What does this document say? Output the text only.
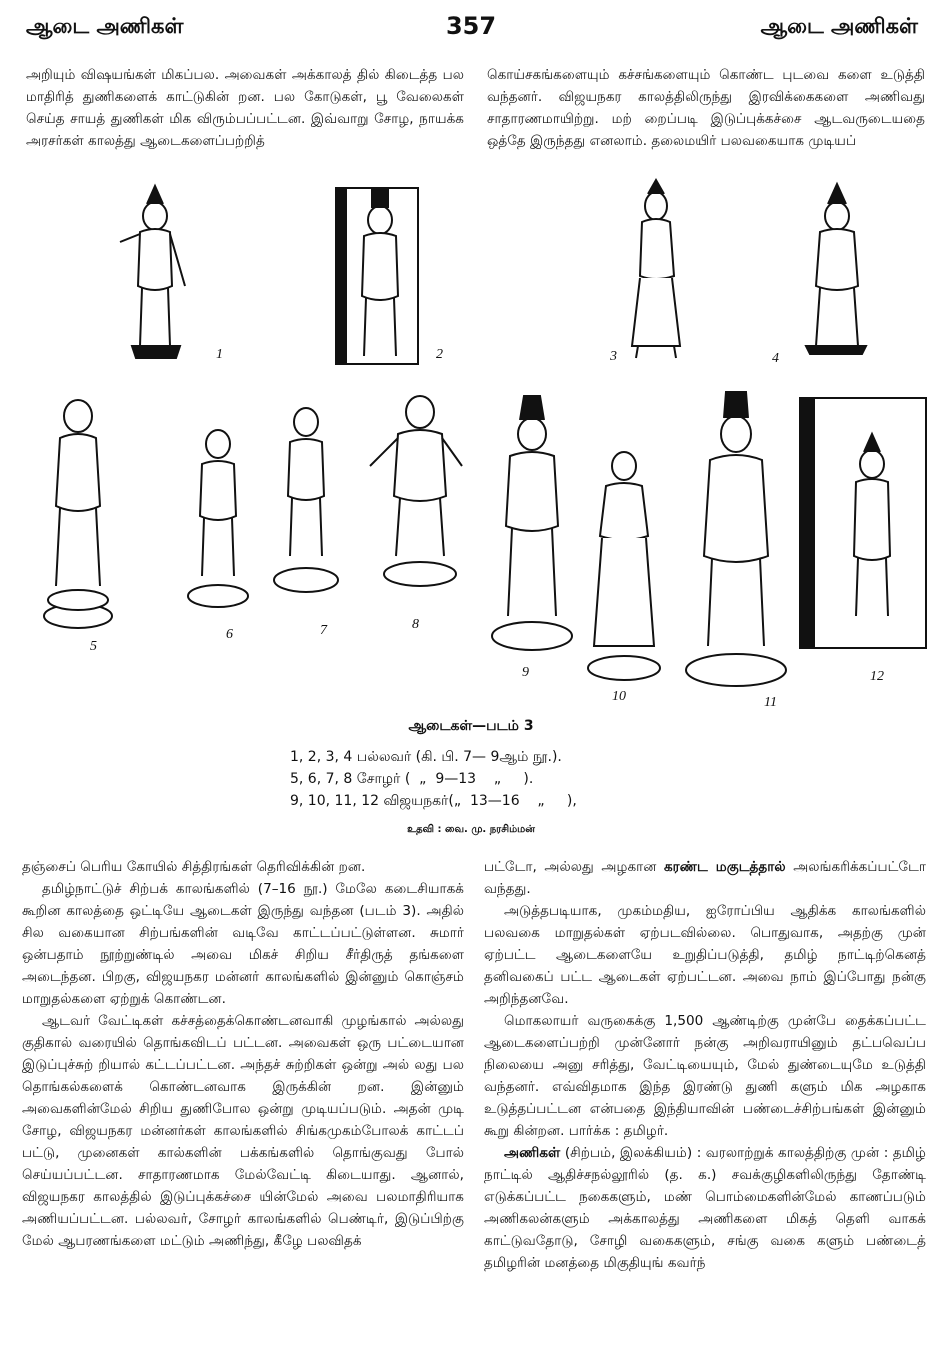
ஆடை அணிகள்	357	ஆடை அணிகள்

அறியும் விஷயங்கள் மிகப்பல. அவைகள் அக்காலத் தில் கிடைத்த பல மாதிரித் துணிகளைக் காட்டுகின் றன. பல கோடுகள், பூ வேலைகள் செய்த சாயத் துணிகள் மிக விரும்பப்பட்டன. இவ்வாறு சோழ, நாயக்க அரசர்கள் காலத்து ஆடைகளைப்பற்றித்

கொய்சகங்களையும் கச்சங்களையும் கொண்ட புடவை களை உடுத்தி வந்தனர். விஜயநகர காலத்திலிருந்து இரவிக்கைகளை அணிவது சாதாரணமாயிற்று. மற் றைப்படி இடுப்புக்கச்சை ஆடவருடையதை ஒத்தே இருந்தது எனலாம். தலைமயிர் பலவகையாக முடியப்

1	2	3	4
5
6	7	8
9
10	11
12
ஆடைகள்—படம் 3
1, 2, 3, 4 பல்லவர் (கி. பி. 7— 9ஆம் நூ.).
5, 6, 7, 8 சோழர் (  „  9—13    „     ).
9, 10, 11, 12 விஜயநகர்(„  13—16    „     ),
உதவி : வை. மு. நரசிம்மன்

தஞ்சைப் பெரிய கோயில் சித்திரங்கள் தெரிவிக்கின் றன.

தமிழ்நாட்டுச் சிற்பக் காலங்களில் (7–16 நூ.) மேலே கடைசியாகக் கூறின காலத்தை ஒட்டியே ஆடைகள் இருந்து வந்தன (படம் 3). அதில் சில வகையான சிற்பங்களின் வடிவே காட்டப்பட்டுள்ளன. சுமார் ஒன்பதாம் நூற்றுண்டில் அவை மிகச் சிறிய சீர்திருத் தங்களை அடைந்தன. பிறகு, விஜயநகர மன்னர் காலங்களில் இன்னும் கொஞ்சம் மாறுதல்களை ஏற்றுக் கொண்டன.

ஆடவர் வேட்டிகள் கச்சத்தைக்கொண்டனவாகி முழங்கால் அல்லது குதிகால் வரையில் தொங்கவிடப் பட்டன. அவைகள் ஒரு பட்டையான இடுப்புச்சுற் றியால் கட்டப்பட்டன. அந்தச் சுற்றிகள் ஒன்று அல் லது பல தொங்கல்களைக் கொண்டனவாக இருக்கின் றன. இன்னும் அவைகளின்மேல் சிறிய துணிபோல ஒன்று முடியப்படும். அதன் முடி சோழ, விஜயநகர மன்னர்கள் காலங்களில் சிங்கமுகம்போலக் காட்டப் பட்டு, முனைகள் கால்களின் பக்கங்களில் தொங்குவது போல் செய்யப்பட்டன. சாதாரணமாக மேல்வேட்டி கிடையாது. ஆனால், விஜயநகர காலத்தில் இடுப்புக்கச்சை யின்மேல் அவை பலமாதிரியாக அணியப்பட்டன. பல்லவர், சோழர் காலங்களில் பெண்டிர், இடுப்பிற்கு மேல் ஆபரணங்களை மட்டும் அணிந்து, கீழே பலவிதக்

பட்டோ, அல்லது அழகான கரண்ட மகுடத்தால் அலங்கரிக்கப்பட்டோ வந்தது.

அடுத்தபடியாக, முகம்மதிய, ஐரோப்பிய ஆதிக்க காலங்களில் பலவகை மாறுதல்கள் ஏற்படவில்லை. பொதுவாக, அதற்கு முன் ஏற்பட்ட ஆடைகளையே உறுதிப்படுத்தி, தமிழ் நாட்டிற்கெனத் தனிவகைப் பட்ட ஆடைகள் ஏற்பட்டன. அவை நாம் இப்போது நன்கு அறிந்தனவே.

மொகலாயர் வருகைக்கு 1,500 ஆண்டிற்கு முன்பே தைக்கப்பட்ட ஆடைகளைப்பற்றி முன்னோர் நன்கு அறிவராயினும் தட்பவெப்ப நிலையை அனு சரித்து, வேட்டியையும், மேல் துண்டையுமே உடுத்தி வந்தனர். எவ்விதமாக இந்த இரண்டு துணி களும் மிக அழகாக உடுத்தப்பட்டன என்பதை இந்தியாவின் பண்டைச்சிற்பங்கள் இன்னும் கூறு கின்றன. பார்க்க : தமிழர்.

அணிகள் (சிற்பம், இலக்கியம்) : வரலாற்றுக் காலத்திற்கு முன் : தமிழ் நாட்டில் ஆதிச்சநல்லூரில் (த. க.) சவக்குழிகளிலிருந்து தோண்டி எடுக்கப்பட்ட நகைகளும், மண் பொம்மைகளின்மேல் காணப்படும் அணிகலன்களும் அக்காலத்து அணிகளை மிகத் தெளி வாகக் காட்டுவதோடு, சோழி வகைகளும், சங்கு வகை களும் பண்டைத் தமிழரின் மனத்தை மிகுதியுங் கவர்ந்
